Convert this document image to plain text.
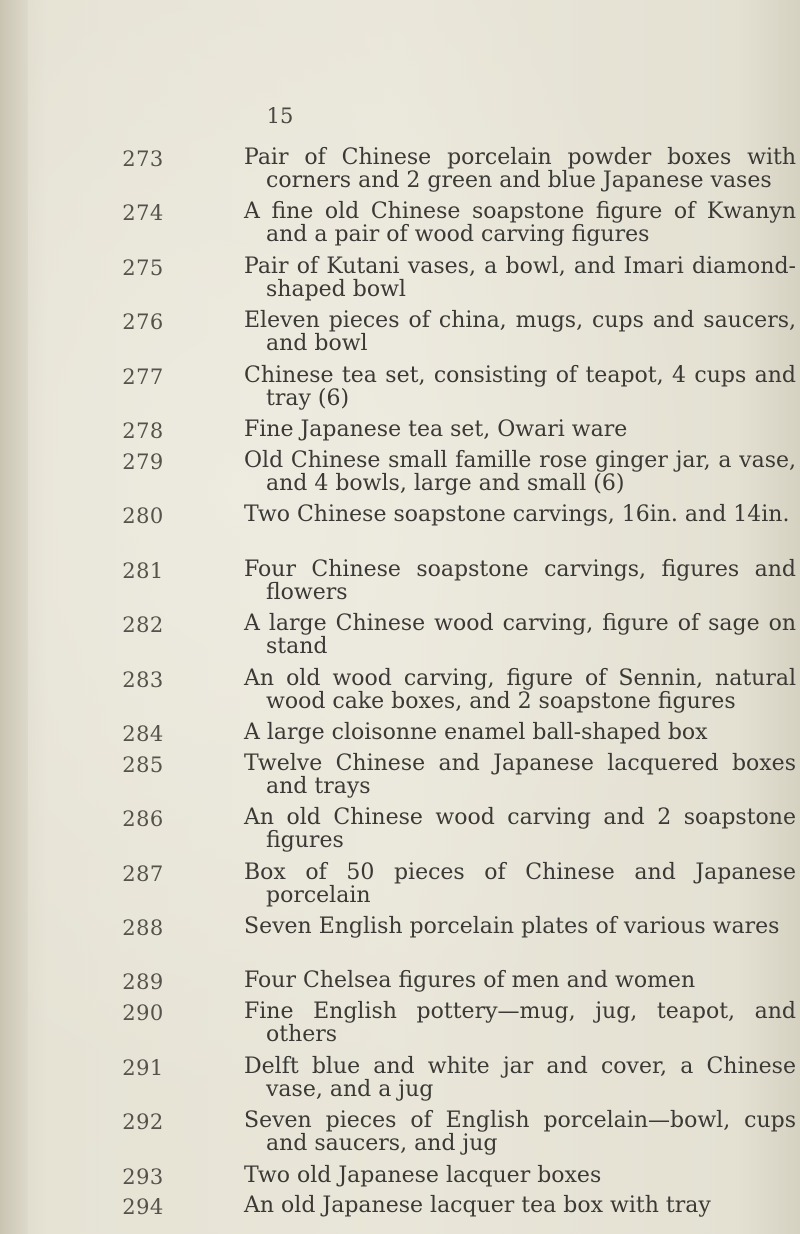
15
273	Pair of Chinese porcelain powder boxes with corners and 2 green and blue Japanese vases
274	A fine old Chinese soapstone figure of Kwanyn and a pair of wood carving figures
275	Pair of Kutani vases, a bowl, and Imari diamond-shaped bowl
276	Eleven pieces of china, mugs, cups and saucers, and bowl
277	Chinese tea set, consisting of teapot, 4 cups and tray (6)
278	Fine Japanese tea set, Owari ware
279	Old Chinese small famille rose ginger jar, a vase, and 4 bowls, large and small (6)
280	Two Chinese soapstone carvings, 16in. and 14in.
281	Four Chinese soapstone carvings, figures and flowers
282	A large Chinese wood carving, figure of sage on stand
283	An old wood carving, figure of Sennin, natural wood cake boxes, and 2 soapstone figures
284	A large cloisonne enamel ball-shaped box
285	Twelve Chinese and Japanese lacquered boxes and trays
286	An old Chinese wood carving and 2 soapstone figures
287	Box of 50 pieces of Chinese and Japanese porcelain
288	Seven English porcelain plates of various wares
289	Four Chelsea figures of men and women
290	Fine English pottery—mug, jug, teapot, and others
291	Delft blue and white jar and cover, a Chinese vase, and a jug
292	Seven pieces of English porcelain—bowl, cups and saucers, and jug
293	Two old Japanese lacquer boxes
294	An old Japanese lacquer tea box with tray
